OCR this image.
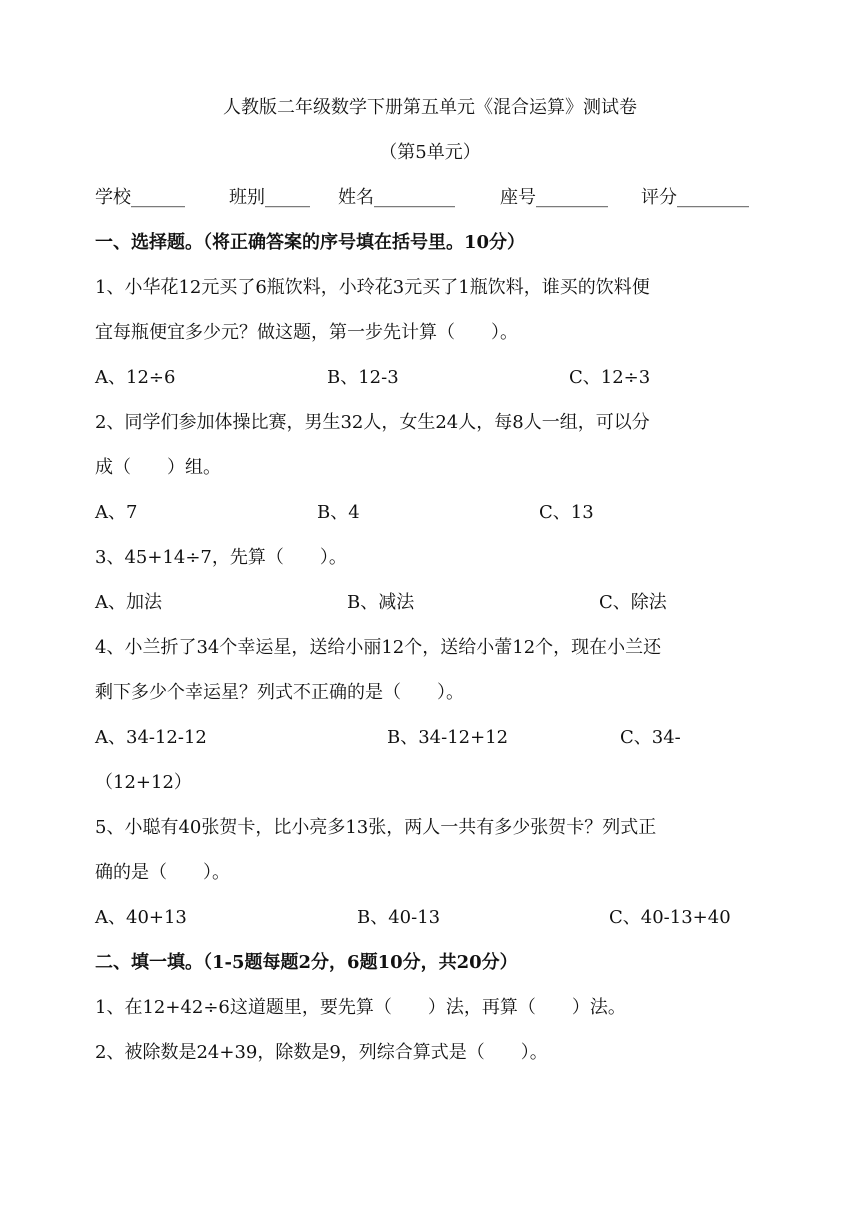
人教版二年级数学下册第五单元《混合运算》测试卷
（第5单元）
学校______ 班别_____ 姓名_________	座号________ 评分________
一、选择题。（将正确答案的序号填在括号里。10分）
1、小华花12元买了6瓶饮料，小玲花3元买了1瓶饮料，谁买的饮料便
宜每瓶便宜多少元？做这题，第一步先计算（　　）。
A、12÷6	B、12-3	C、12÷3
2、同学们参加体操比赛，男生32人，女生24人，每8人一组，可以分
成（　　）组。
A、7	B、4	C、13
3、45+14÷7，先算（　　）。
A、加法	B、减法	C、除法
4、小兰折了34个幸运星，送给小丽12个，送给小蕾12个，现在小兰还
剩下多少个幸运星？列式不正确的是（　　）。
A、34-12-12	B、34-12+12	C、34-
（12+12）
5、小聪有40张贺卡，比小亮多13张，两人一共有多少张贺卡？列式正
确的是（　　）。
A、40+13	B、40-13	C、40-13+40
二、填一填。（1-5题每题2分，6题10分，共20分）
1、在12+42÷6这道题里，要先算（　　）法，再算（　　）法。
2、被除数是24+39，除数是9，列综合算式是（　　）。
